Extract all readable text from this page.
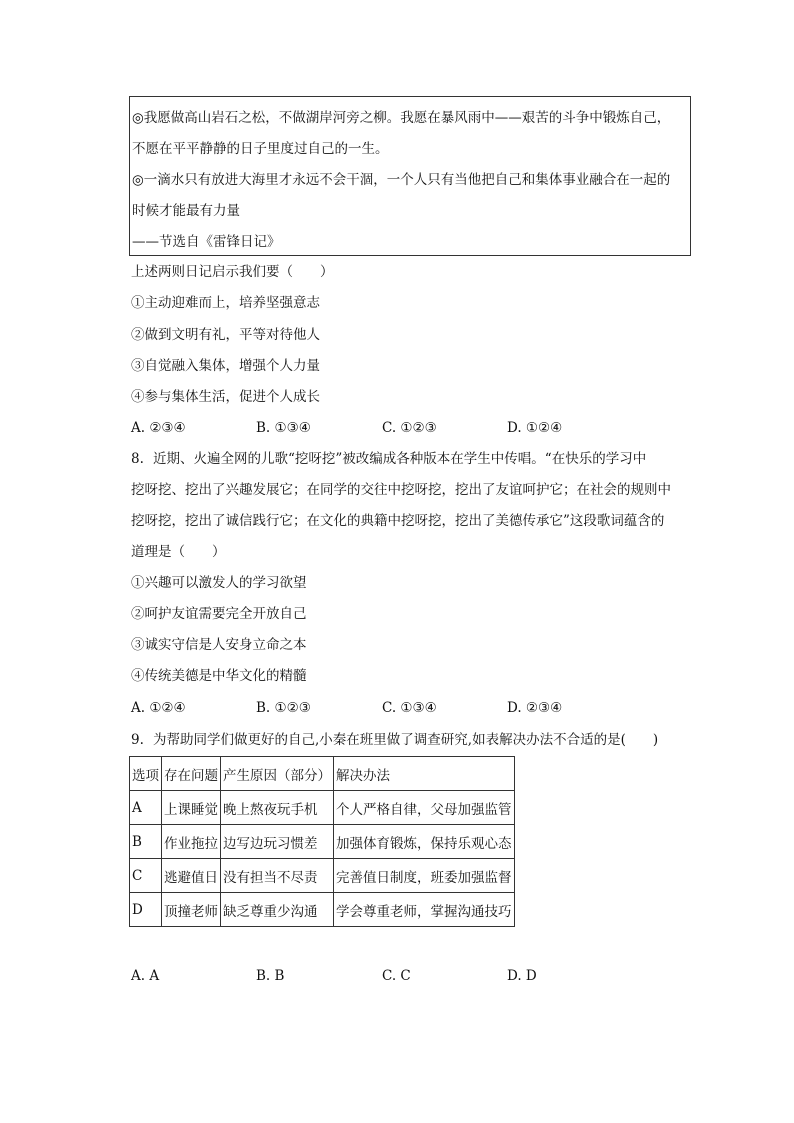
◎我愿做高山岩石之松，不做湖岸河旁之柳。我愿在暴风雨中——艰苦的斗争中锻炼自己，
不愿在平平静静的日子里度过自己的一生。
◎一滴水只有放进大海里才永远不会干涸，一个人只有当他把自己和集体事业融合在一起的
时候才能最有力量
——节选自《雷锋日记》
上述两则日记启示我们要（　　）
①主动迎难而上，培养坚强意志
②做到文明有礼，平等对待他人
③自觉融入集体，增强个人力量
④参与集体生活，促进个人成长
A. ②③④	B. ①③④	C. ①②③	D. ①②④
8. 近期、火遍全网的儿歌“挖呀挖”被改编成各种版本在学生中传唱。“在快乐的学习中
挖呀挖、挖出了兴趣发展它；在同学的交往中挖呀挖，挖出了友谊呵护它；在社会的规则中
挖呀挖，挖出了诚信践行它；在文化的典籍中挖呀挖，挖出了美德传承它”这段歌词蕴含的
道理是（　　）
①兴趣可以激发人的学习欲望
②呵护友谊需要完全开放自己
③诚实守信是人安身立命之本
④传统美德是中华文化的精髓
A. ①②④	B. ①②③	C. ①③④	D. ②③④
9. 为帮助同学们做更好的自己,小秦在班里做了调查研究,如表解决办法不合适的是(　　)
选项	存在问题	产生原因（部分）	解决办法
A	上课睡觉	晚上熬夜玩手机	个人严格自律，父母加强监管
B	作业拖拉	边写边玩习惯差	加强体育锻炼，保持乐观心态
C	逃避值日	没有担当不尽责	完善值日制度，班委加强监督
D	顶撞老师	缺乏尊重少沟通	学会尊重老师，掌握沟通技巧
A. A	B. B	C. C	D. D
